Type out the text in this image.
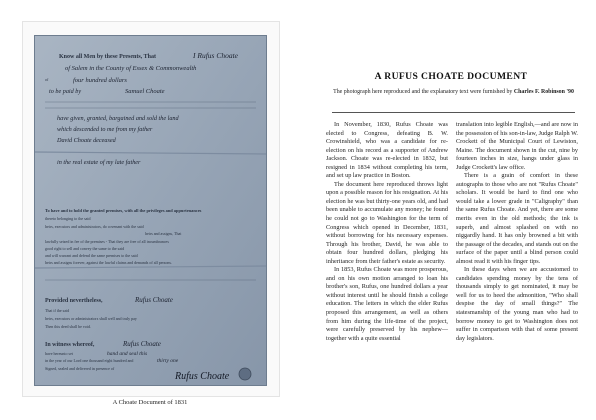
Know all Men by these Presents, That	I Rufus Choate
of Salem in the County of Essex & Commonwealth
of	four hundred dollars
to be paid by	Samuel Choate
have given, granted, bargained and sold the land
which descended to me from my father
David Choate deceased
in the real estate of my late father
To have and to hold the granted premises, with all the privileges and appurtenances
thereto belonging to the said
heirs, executors and administrators, do covenant with the said
heirs and assigns, That
lawfully seized in fee of the premises - That they are free of all incumbrances
good right to sell and convey the same to the said
and will warrant and defend the same premises to the said
heirs and assigns forever, against the lawful claims and demands of all persons.
Provided nevertheless,	Rufus Choate
That if the said
heirs, executors or administrators shall well and truly pay
Then this deed shall be void.
In witness whereof,	Rufus Choate
have hereunto set	hand and seal this
in the year of our Lord one thousand eight hundred and	thirty one
Signed, sealed and delivered in presence of
Rufus Choate
A Choate Document of 1831
A RUFUS CHOATE DOCUMENT
The photograph here reproduced and the explanatory text were furnished by Charles F. Robinson '90

In November, 1830, Rufus Choate was elected to Congress, defeating B. W. Crowinshield, who was a candidate for re-election on his record as a supporter of Andrew Jackson. Choate was re-elected in 1832, but resigned in 1834 without completing his term, and set up law practice in Boston.

The document here reproduced throws light upon a possible reason for his resignation. At his election he was but thirty-one years old, and had been unable to accumulate any money; he found he could not go to Washington for the term of Congress which opened in December, 1831, without borrowing for his necessary expenses. Through his brother, David, he was able to obtain four hundred dollars, pledging his inheritance from their father's estate as security.

In 1853, Rufus Choate was more prosperous, and on his own motion arranged to loan his brother's son, Rufus, one hundred dollars a year without interest until he should finish a college education. The letters in which the elder Rufus proposed this arrangement, as well as others from him during the life-time of the project, were carefully preserved by his nephew—together with a quite essential

translation into legible English,—and are now in the possession of his son-in-law, Judge Ralph W. Crockett of the Municipal Court of Lewiston, Maine. The document shown in the cut, nine by fourteen inches in size, hangs under glass in Judge Crockett's law office.

There is a grain of comfort in these autographs to those who are not "Rufus Choate" scholars. It would be hard to find one who would take a lower grade in "Caligraphy" than the same Rufus Choate. And yet, there are some merits even in the old methods; the ink is superb, and almost splashed on with no niggardly hand. It has only browned a bit with the passage of the decades, and stands out on the surface of the paper until a blind person could almost read it with his finger tips.

In these days when we are accustomed to candidates spending money by the tens of thousands simply to get nominated, it may be well for us to heed the admonition, "Who shall despise the day of small things?" The statesmanship of the young man who had to borrow money to get to Washington does not suffer in comparison with that of some present day legislators.
